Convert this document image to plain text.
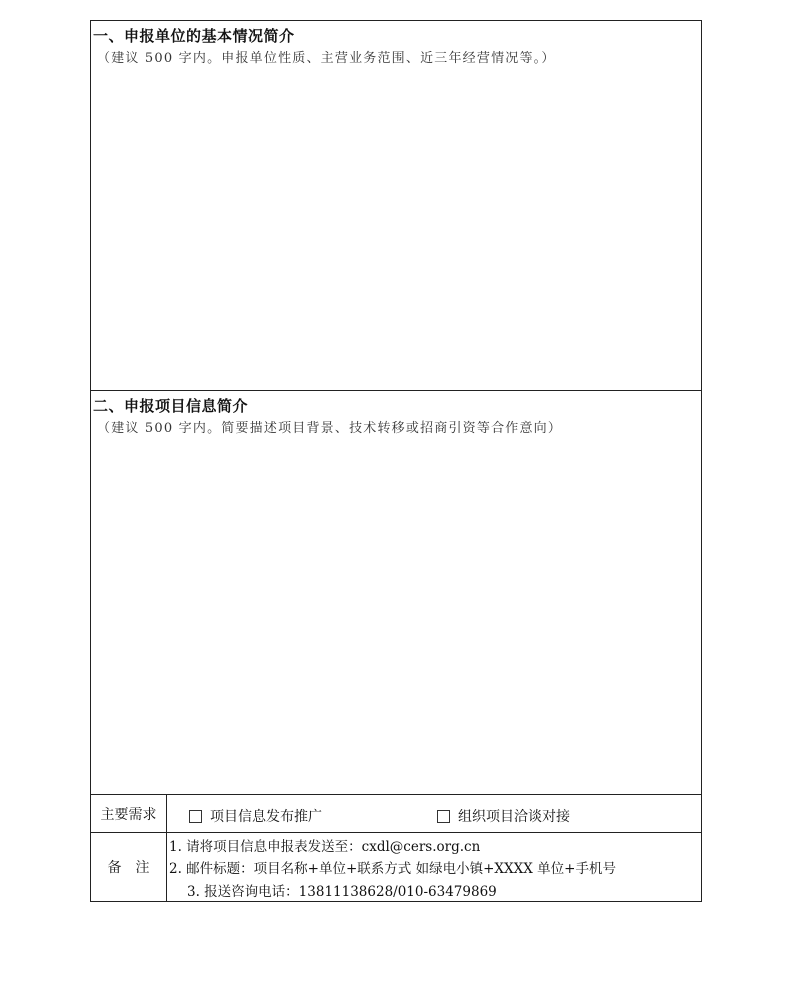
一、申报单位的基本情况简介
（建议 500 字内。申报单位性质、主营业务范围、近三年经营情况等。）
二、申报项目信息简介
（建议 500 字内。简要描述项目背景、技术转移或招商引资等合作意向）
主要需求	项目信息发布推广	组织项目洽谈对接
备注
1. 请将项目信息申报表发送至：cxdl@cers.org.cn
2. 邮件标题：项目名称+单位+联系方式 如绿电小镇+XXXX 单位+手机号
3. 报送咨询电话：13811138628/010-63479869
